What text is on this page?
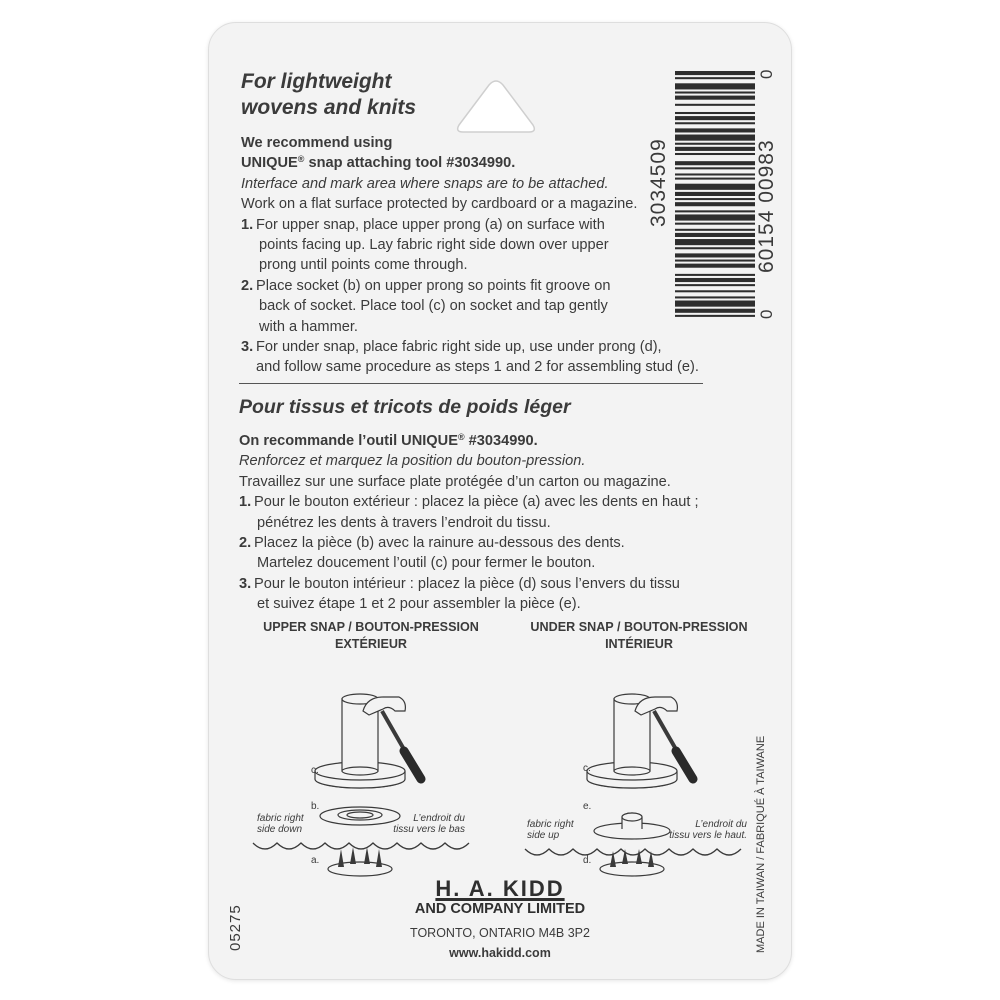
For lightweight
wovens and knits
We recommend using
UNIQUE® snap attaching tool #3034990.
Interface and mark area where snaps are to be attached.
Work on a flat surface protected by cardboard or a magazine.
1. For upper snap, place upper prong (a) on surface with
points facing up. Lay fabric right side down over upper
prong until points come through.
2. Place socket (b) on upper prong so points fit groove on
back of socket. Place tool (c) on socket and tap gently
with a hammer.
3. For under snap, place fabric right side up, use under prong (d),
and follow same procedure as steps 1 and 2 for assembling stud (e).
3034509	60154 00983
0
0
Pour tissus et tricots de poids léger
On recommande l’outil UNIQUE® #3034990.
Renforcez et marquez la position du bouton-pression.
Travaillez sur une surface plate protégée d’un carton ou magazine.
1. Pour le bouton extérieur : placez la pièce (a) avec les dents en haut ;
pénétrez les dents à travers l’endroit du tissu.
2. Placez la pièce (b) avec la rainure au-dessous des dents.
Martelez doucement l’outil (c) pour fermer le bouton.
3. Pour le bouton intérieur : placez la pièce (d) sous l’envers du tissu
et suivez étape 1 et 2 pour assembler la pièce (e).
UPPER SNAP / BOUTON-PRESSION
EXTÉRIEUR
UNDER SNAP / BOUTON-PRESSION
INTÉRIEUR
c.
b.
a.
fabric right
side down
L’endroit du
tissu vers le bas
c.
e.
d.
fabric right
side up
L’endroit du
tissu vers le haut.
H. A. KIDD
AND COMPANY LIMITED
TORONTO, ONTARIO M4B 3P2
www.hakidd.com
05275	MADE IN TAIWAN / FABRIQUÉ À TAIWANE
